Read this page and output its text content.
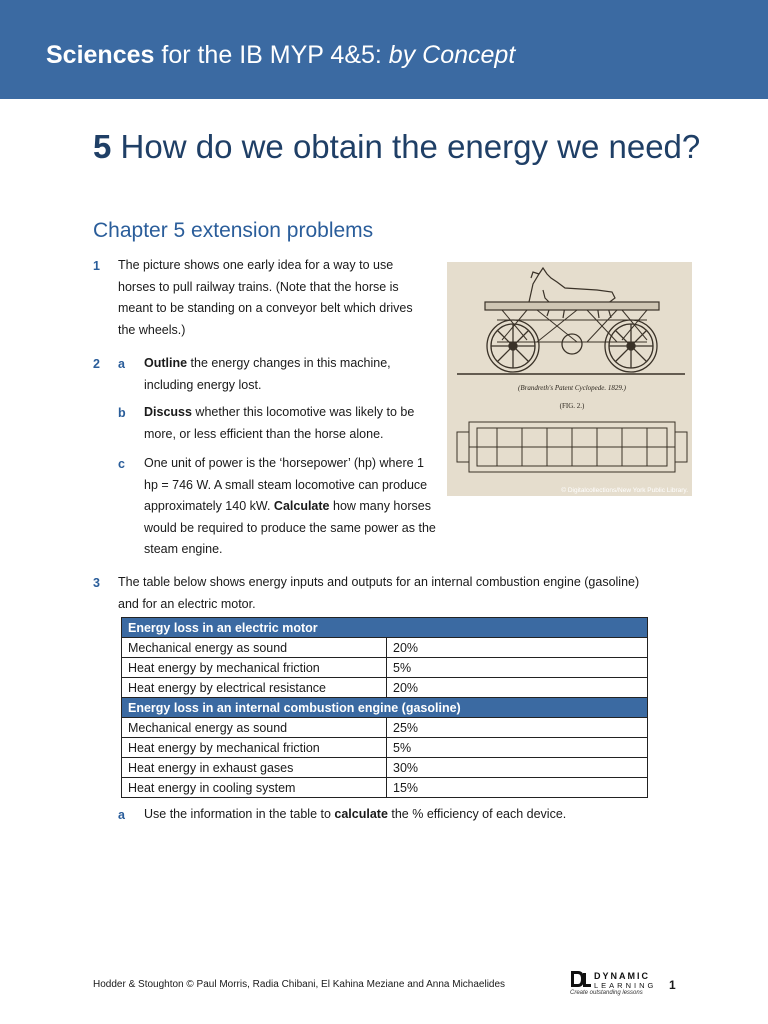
Sciences for the IB MYP 4&5: by Concept
5 How do we obtain the energy we need?
Chapter 5 extension problems
1 The picture shows one early idea for a way to use horses to pull railway trains. (Note that the horse is meant to be standing on a conveyor belt which drives the wheels.)
2 a Outline the energy changes in this machine, including energy lost.
b Discuss whether this locomotive was likely to be more, or less efficient than the horse alone.
c One unit of power is the ‘horsepower’ (hp) where 1 hp = 746 W. A small steam locomotive can produce approximately 140 kW. Calculate how many horses would be required to produce the same power as the steam engine.
(Brandreth's Patent Cyclopede. 1829.)
(FIG. 2.)
© Digitalcollections/New York Public Library.
3 The table below shows energy inputs and outputs for an internal combustion engine (gasoline) and for an electric motor.
Energy loss in an electric motor	
Mechanical energy as sound	20%
Heat energy by mechanical friction	5%
Heat energy by electrical resistance	20%
Energy loss in an internal combustion engine (gasoline)	
Mechanical energy as sound	25%
Heat energy by mechanical friction	5%
Heat energy in exhaust gases	30%
Heat energy in cooling system	15%
a Use the information in the table to calculate the % efficiency of each device.
Hodder & Stoughton © Paul Morris, Radia Chibani, El Kahina Meziane and Anna Michaelides
DYNAMIC
LEARNING
Create outstanding lessons
1
